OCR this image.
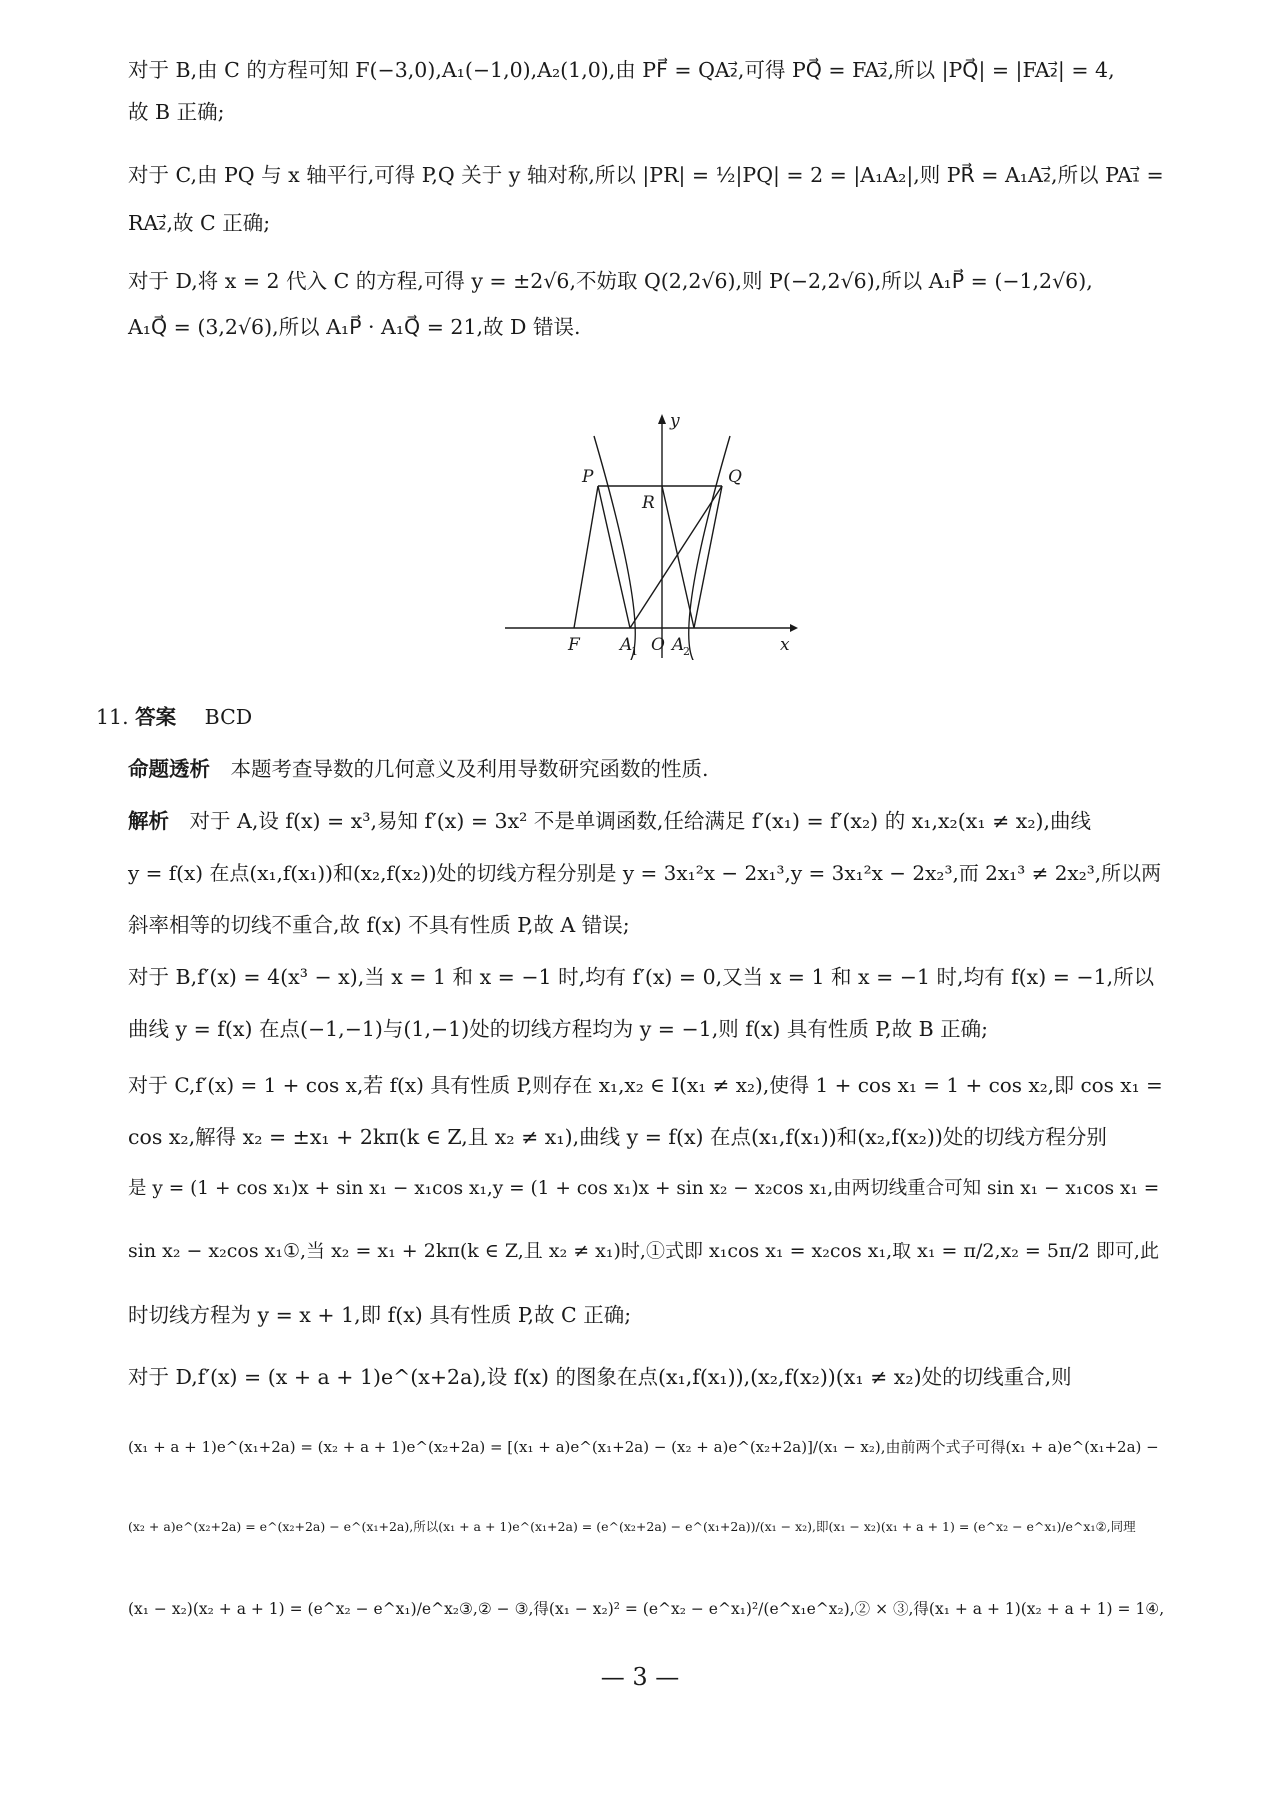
对于 B,由 C 的方程可知 F(−3,0),A₁(−1,0),A₂(1,0),由 PF⃗ = QA₂⃗,可得 PQ⃗ = FA₂⃗,所以 |PQ⃗| = |FA₂⃗| = 4,
故 B 正确;
对于 C,由 PQ 与 x 轴平行,可得 P,Q 关于 y 轴对称,所以 |PR| = ½|PQ| = 2 = |A₁A₂|,则 PR⃗ = A₁A₂⃗,所以 PA₁⃗ =
RA₂⃗,故 C 正确;
对于 D,将 x = 2 代入 C 的方程,可得 y = ±2√6,不妨取 Q(2,2√6),则 P(−2,2√6),所以 A₁P⃗ = (−1,2√6),
A₁Q⃗ = (3,2√6),所以 A₁P⃗ · A₁Q⃗ = 21,故 D 错误.
y
x
P	Q
R
F A
1 O A
2
11. 答案 BCD
命题透析 本题考查导数的几何意义及利用导数研究函数的性质.
解析 对于 A,设 f(x) = x³,易知 f′(x) = 3x² 不是单调函数,任给满足 f′(x₁) = f′(x₂) 的 x₁,x₂(x₁ ≠ x₂),曲线
y = f(x) 在点(x₁,f(x₁))和(x₂,f(x₂))处的切线方程分别是 y = 3x₁²x − 2x₁³,y = 3x₁²x − 2x₂³,而 2x₁³ ≠ 2x₂³,所以两
斜率相等的切线不重合,故 f(x) 不具有性质 P,故 A 错误;
对于 B,f′(x) = 4(x³ − x),当 x = 1 和 x = −1 时,均有 f′(x) = 0,又当 x = 1 和 x = −1 时,均有 f(x) = −1,所以
曲线 y = f(x) 在点(−1,−1)与(1,−1)处的切线方程均为 y = −1,则 f(x) 具有性质 P,故 B 正确;
对于 C,f′(x) = 1 + cos x,若 f(x) 具有性质 P,则存在 x₁,x₂ ∈ I(x₁ ≠ x₂),使得 1 + cos x₁ = 1 + cos x₂,即 cos x₁ =
cos x₂,解得 x₂ = ±x₁ + 2kπ(k ∈ Z,且 x₂ ≠ x₁),曲线 y = f(x) 在点(x₁,f(x₁))和(x₂,f(x₂))处的切线方程分别
是 y = (1 + cos x₁)x + sin x₁ − x₁cos x₁,y = (1 + cos x₁)x + sin x₂ − x₂cos x₁,由两切线重合可知 sin x₁ − x₁cos x₁ =
sin x₂ − x₂cos x₁①,当 x₂ = x₁ + 2kπ(k ∈ Z,且 x₂ ≠ x₁)时,①式即 x₁cos x₁ = x₂cos x₁,取 x₁ = π/2,x₂ = 5π/2 即可,此
时切线方程为 y = x + 1,即 f(x) 具有性质 P,故 C 正确;
对于 D,f′(x) = (x + a + 1)e^(x+2a),设 f(x) 的图象在点(x₁,f(x₁)),(x₂,f(x₂))(x₁ ≠ x₂)处的切线重合,则
(x₁ + a + 1)e^(x₁+2a) = (x₂ + a + 1)e^(x₂+2a) = [(x₁ + a)e^(x₁+2a) − (x₂ + a)e^(x₂+2a)]/(x₁ − x₂),由前两个式子可得(x₁ + a)e^(x₁+2a) −
(x₂ + a)e^(x₂+2a) = e^(x₂+2a) − e^(x₁+2a),所以(x₁ + a + 1)e^(x₁+2a) = (e^(x₂+2a) − e^(x₁+2a))/(x₁ − x₂),即(x₁ − x₂)(x₁ + a + 1) = (e^x₂ − e^x₁)/e^x₁②,同理
(x₁ − x₂)(x₂ + a + 1) = (e^x₂ − e^x₁)/e^x₂③,② − ③,得(x₁ − x₂)² = (e^x₂ − e^x₁)²/(e^x₁e^x₂),② × ③,得(x₁ + a + 1)(x₂ + a + 1) = 1④,
— 3 —
